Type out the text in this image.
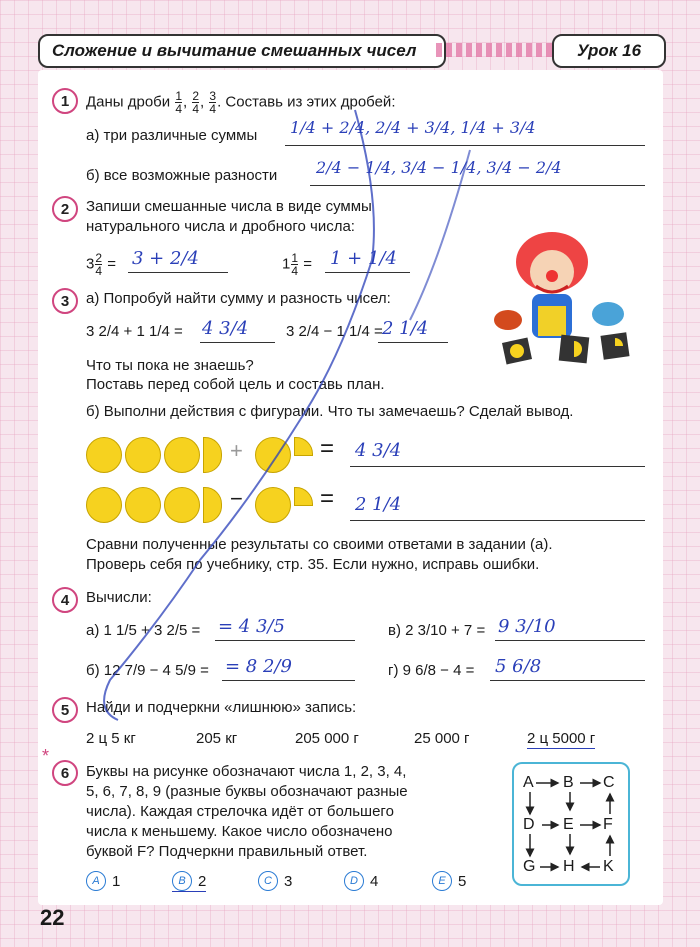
Сложение и вычитание смешанных чисел	Урок 16
1 Даны дроби $\frac{1}{4}$ , $\frac{2}{4}$ , $\frac{3}{4}$ . Составь из этих дробей:
а) три различные суммы 1/4 + 2/4, 2/4 + 3/4, 1/4 + 3/4
б) все возможные разности 2/4 − 1/4, 3/4 − 1/4, 3/4 − 2/4
2 Запиши смешанные числа в виде суммы
натурального числа и дробного числа:
$3 \frac{2}{4} = 3 + 2/4$	$1 \frac{1}{4} = 1 + 1/4$
3 а) Попробуй найти сумму и разность чисел:
3 2/4 + 1 1/4 = 4 3/4	3 2/4 − 1 1/4 = 2 1/4
Что ты пока не знаешь?
Поставь перед собой цель и составь план.
б) Выполни действия с фигурами. Что ты замечаешь? Сделай вывод.
+	= 4 3/4
−	= 2 1/4
Сравни полученные результаты со своими ответами в задании (а).
Проверь себя по учебнику, стр. 35. Если нужно, исправь ошибки.
4 Вычисли:
а) 1 1/5 + 3 2/5 = = 4 3/5	в) 2 3/10 + 7 = 9 3/10
б) 12 7/9 − 4 5/9 = = 8 2/9	г) 9 6/8 − 4 = 5 6/8
5 Найди и подчеркни «лишнюю» запись:
2 ц 5 кг	205 кг	205 000 г	25 000 г	2 ц 5000 г
*
6 Буквы на рисунке обозначают числа 1, 2, 3, 4,
5, 6, 7, 8, 9 (разные буквы обозначают разные
числа). Каждая стрелочка идёт от большего
числа к меньшему. Какое число обозначено
буквой F? Подчеркни правильный ответ.
A 1	B 2	C 3	D 4	E 5
A B C
D E F
G H K
22
